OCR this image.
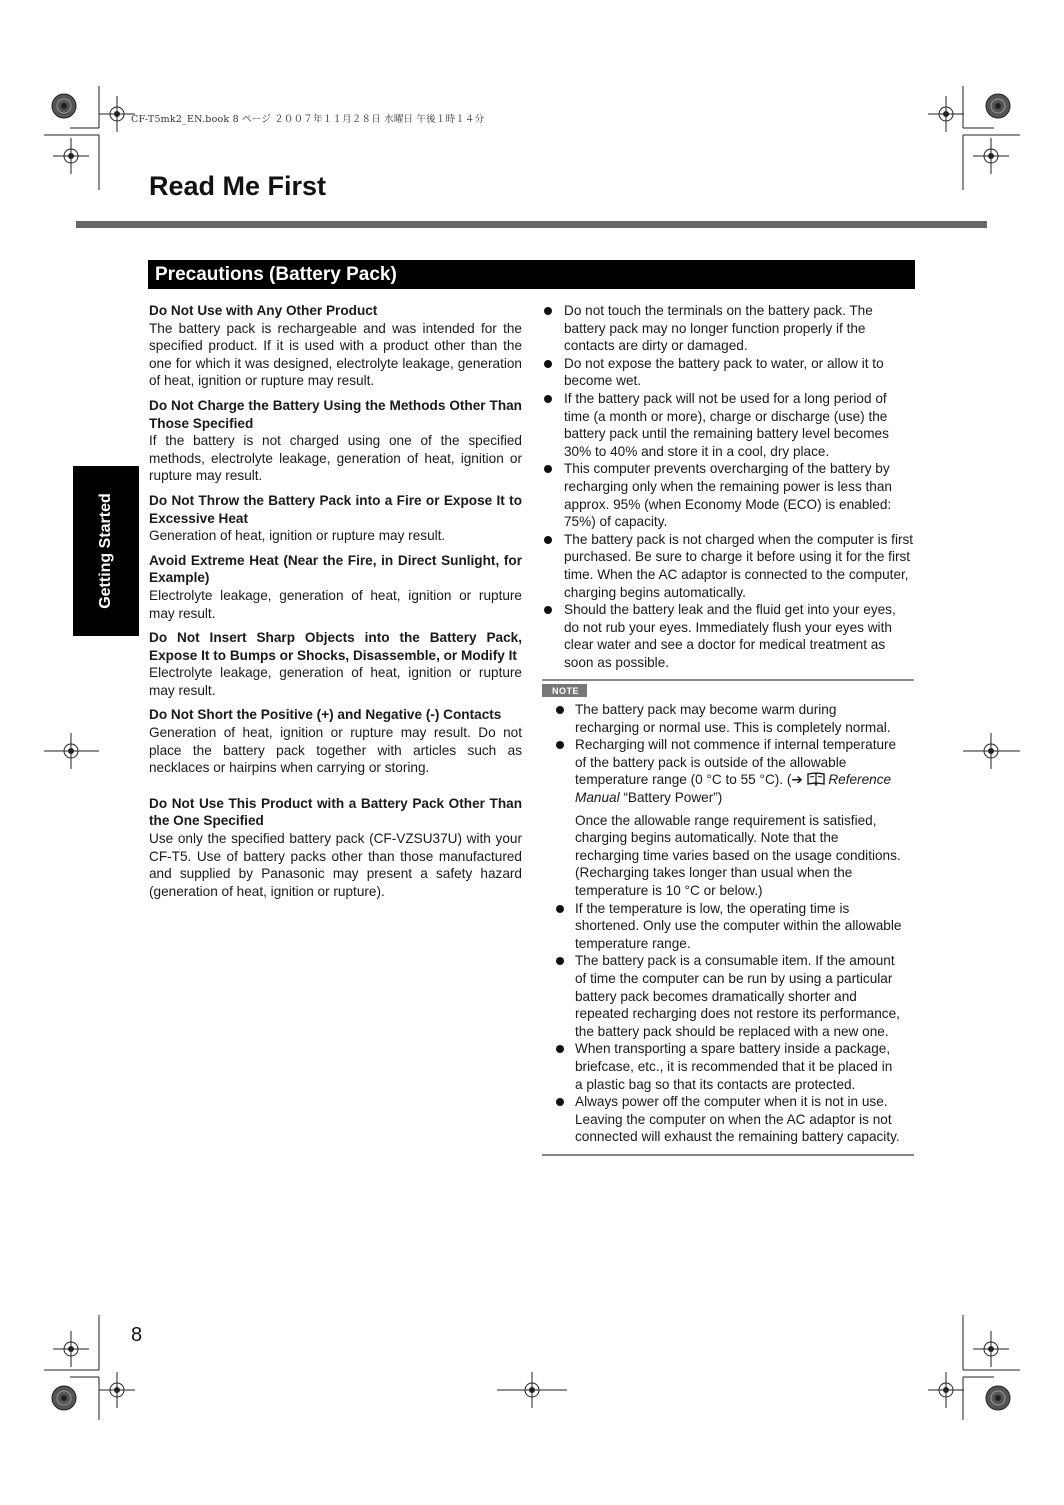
CF-T5mk2_EN.book 8 ページ ２００７年１１月２８日 水曜日 午後１時１４分
Read Me First
Precautions (Battery Pack)
Getting Started
Do Not Use with Any Other Product

The battery pack is rechargeable and was intended for the specified product. If it is used with a product other than the one for which it was designed, electrolyte leakage, generation of heat, ignition or rupture may result.

Do Not Charge the Battery Using the Methods Other Than Those Specified

If the battery is not charged using one of the specified methods, electrolyte leakage, generation of heat, ignition or rupture may result.

Do Not Throw the Battery Pack into a Fire or Expose It to Excessive Heat

Generation of heat, ignition or rupture may result.

Avoid Extreme Heat (Near the Fire, in Direct Sunlight, for Example)

Electrolyte leakage, generation of heat, ignition or rupture may result.

Do Not Insert Sharp Objects into the Battery Pack, Expose It to Bumps or Shocks, Disassemble, or Modify It

Electrolyte leakage, generation of heat, ignition or rupture may result.

Do Not Short the Positive (+) and Negative (-) Contacts

Generation of heat, ignition or rupture may result. Do not place the battery pack together with articles such as necklaces or hairpins when carrying or storing.

Do Not Use This Product with a Battery Pack Other Than the One Specified

Use only the specified battery pack (CF-VZSU37U) with your CF-T5. Use of battery packs other than those manufactured and supplied by Panasonic may present a safety hazard (generation of heat, ignition or rupture).

Do not touch the terminals on the battery pack. The battery pack may no longer function properly if the contacts are dirty or damaged.
Do not expose the battery pack to water, or allow it to become wet.
If the battery pack will not be used for a long period of time (a month or more), charge or discharge (use) the battery pack until the remaining battery level becomes 30% to 40% and store it in a cool, dry place.
This computer prevents overcharging of the battery by recharging only when the remaining power is less than approx. 95% (when Economy Mode (ECO) is enabled: 75%) of capacity.
The battery pack is not charged when the computer is first purchased. Be sure to charge it before using it for the first time. When the AC adaptor is connected to the computer, charging begins automatically.
Should the battery leak and the fluid get into your eyes, do not rub your eyes. Immediately flush your eyes with clear water and see a doctor for medical treatment as soon as possible.
NOTE
The battery pack may become warm during recharging or normal use. This is completely normal.
Recharging will not commence if internal temperature of the battery pack is outside of the allowable temperature range (0 °C to 55 °C). (➔ Reference Manual “Battery Power”)
Once the allowable range requirement is satisfied, charging begins automatically. Note that the recharging time varies based on the usage conditions. (Recharging takes longer than usual when the temperature is 10 °C or below.)
If the temperature is low, the operating time is shortened. Only use the computer within the allowable temperature range.
The battery pack is a consumable item. If the amount of time the computer can be run by using a particular battery pack becomes dramatically shorter and repeated recharging does not restore its performance, the battery pack should be replaced with a new one.
When transporting a spare battery inside a package, briefcase, etc., it is recommended that it be placed in a plastic bag so that its contacts are protected.
Always power off the computer when it is not in use. Leaving the computer on when the AC adaptor is not connected will exhaust the remaining battery capacity.
8
